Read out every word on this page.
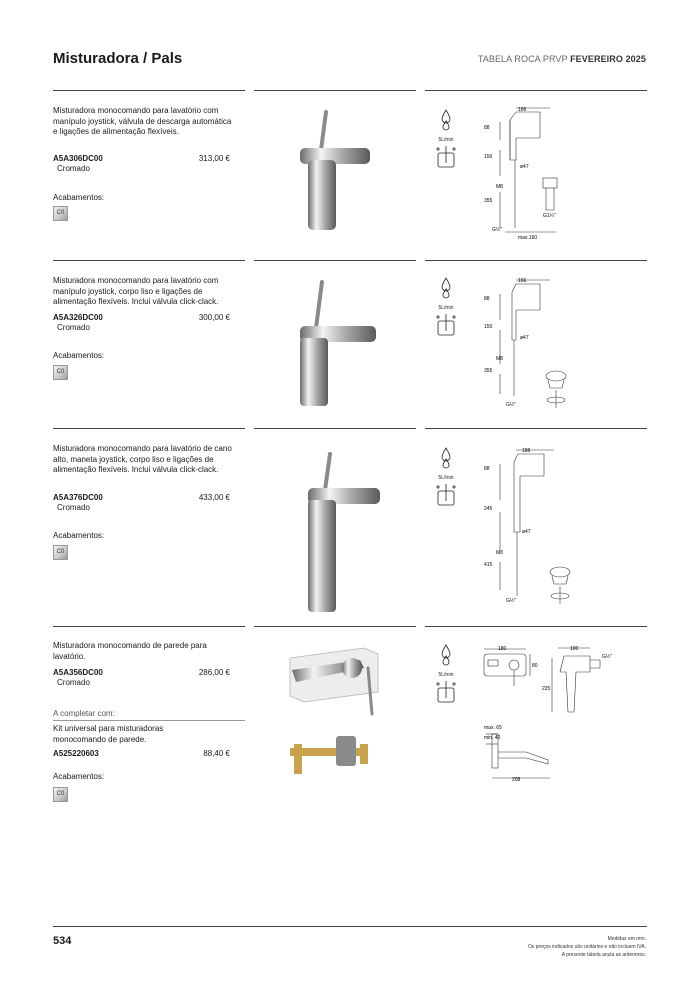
Misturadora / Pals	TABELA ROCA PRVP FEVEREIRO 2025
Misturadora monocomando para lavatório com manípulo joystick, válvula de descarga automática e ligações de alimentação flexíveis.
A5A306DC00	313,00 €
Cromado
Acabamentos:
C0
5L/min
166
88
150
ø47
M8
355
G1¼"
G½"
max.160
Misturadora monocomando para lavatório com manípulo joystick, corpo liso e ligações de alimentação flexíveis. Inclui válvula click-clack.
A5A326DC00	300,00 €
Cromado
Acabamentos:
C0
5L/min
166
88
150
ø47
M8
355
G½"
Misturadora monocomando para lavatório de cano alto, maneta joystick, corpo liso e ligações de alimentação flexíveis. Inclui válvula click-clack.
A5A376DC00	433,00 €
Cromado
Acabamentos:
C0
5L/min
188
88
245
ø47
M8
415
G½"
Misturadora monocomando de parede para lavatório.
A5A356DC00	286,00 €
Cromado
A completar com:
Kit universal para misturadoras monocomando de parede.
A525220603	88,40 €
Acabamentos:
C0
5L/min
180
80
100
G½"
225
max. 65
min. 40
208
534	Medidas em mm.
Os preços indicados são unitários e não incluem IVA.
A presente tabela anula as anteriores.
